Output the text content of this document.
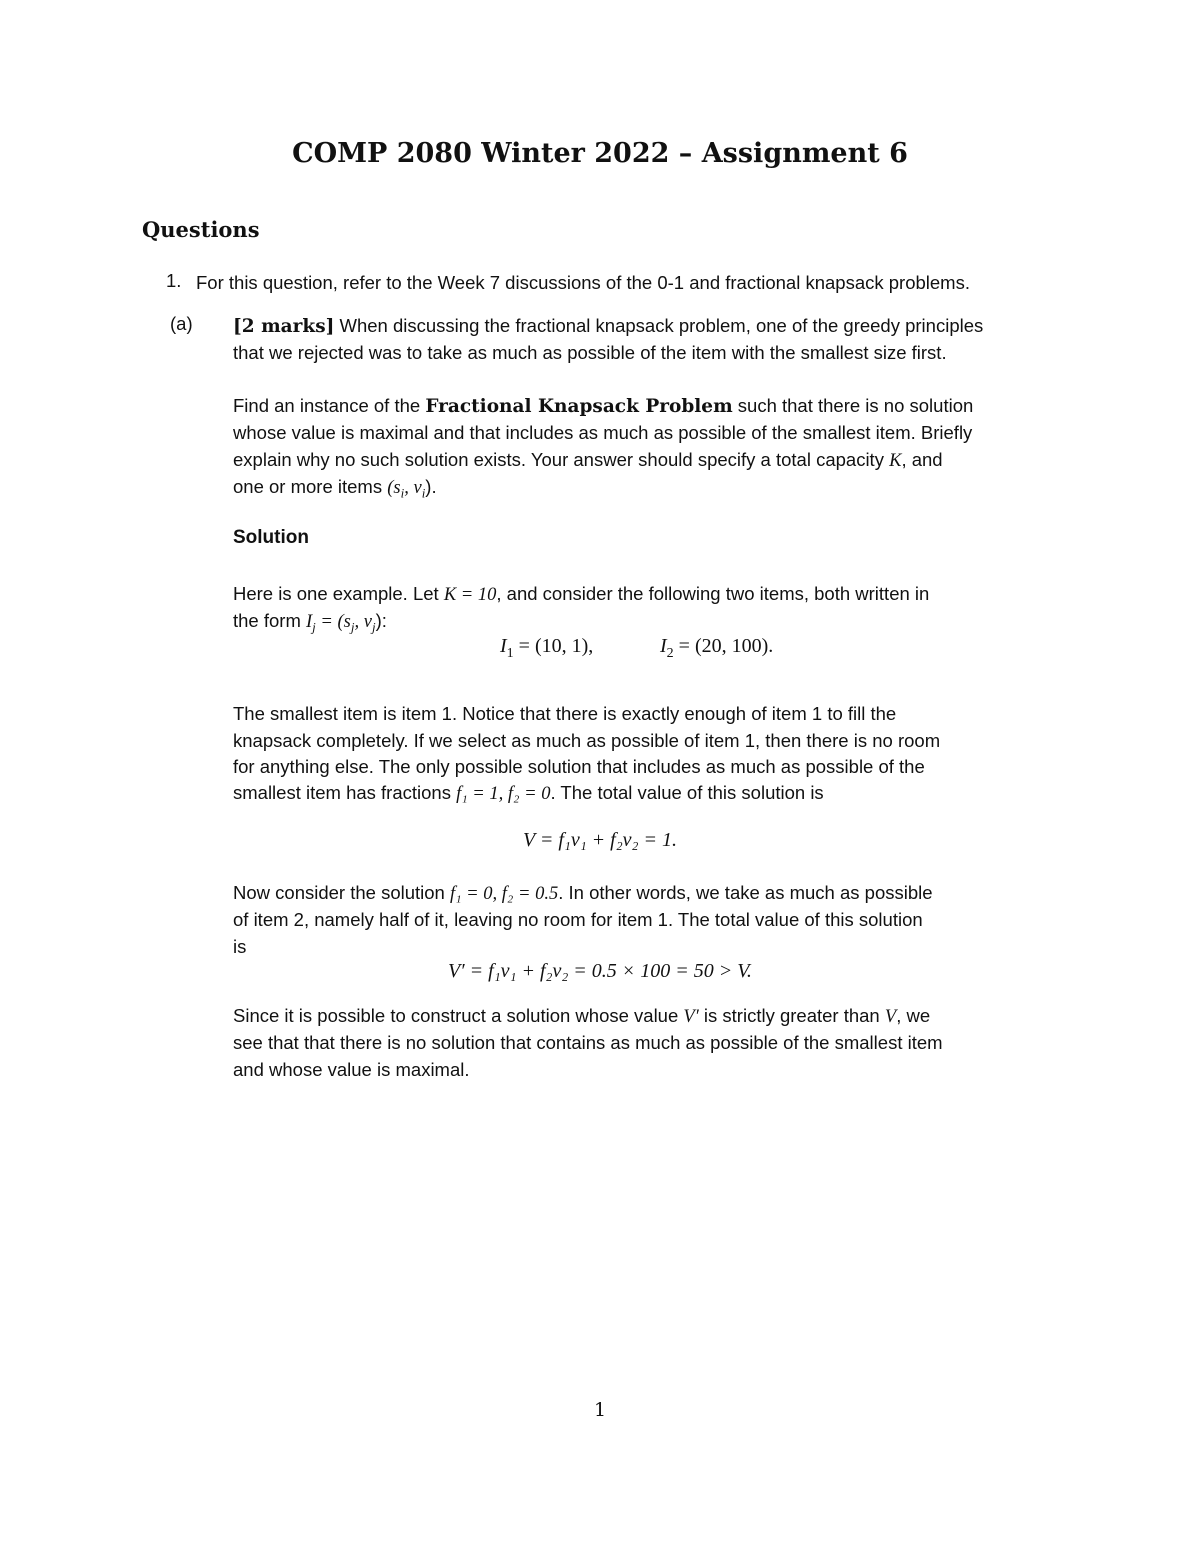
COMP 2080 Winter 2022 – Assignment 6
Questions
1. For this question, refer to the Week 7 discussions of the 0-1 and fractional knapsack problems.
(a) [2 marks] When discussing the fractional knapsack problem, one of the greedy principles
that we rejected was to take as much as possible of the item with the smallest size first.
Find an instance of the Fractional Knapsack Problem such that there is no solution
whose value is maximal and that includes as much as possible of the smallest item. Briefly
explain why no such solution exists. Your answer should specify a total capacity K, and
one or more items ($s_i$, $v_i$).
Solution
Here is one example. Let K = 10, and consider the following two items, both written in
the form $I_j = (s_j$, $v_j$):
$I_1 = (10$, 1),	$I_2 = (20$, 100).
The smallest item is item 1. Notice that there is exactly enough of item 1 to fill the
knapsack completely. If we select as much as possible of item 1, then there is no room
for anything else. The only possible solution that includes as much as possible of the
smallest item has fractions f₁ = 1, f₂ = 0. The total value of this solution is
V = f₁v₁ + f₂v₂ = 1.
Now consider the solution f₁ = 0, f₂ = 0.5. In other words, we take as much as possible
of item 2, namely half of it, leaving no room for item 1. The total value of this solution
is
V′ = f₁v₁ + f₂v₂ = 0.5 × 100 = 50 > V.
Since it is possible to construct a solution whose value V′ is strictly greater than V, we
see that that there is no solution that contains as much as possible of the smallest item
and whose value is maximal.
1
